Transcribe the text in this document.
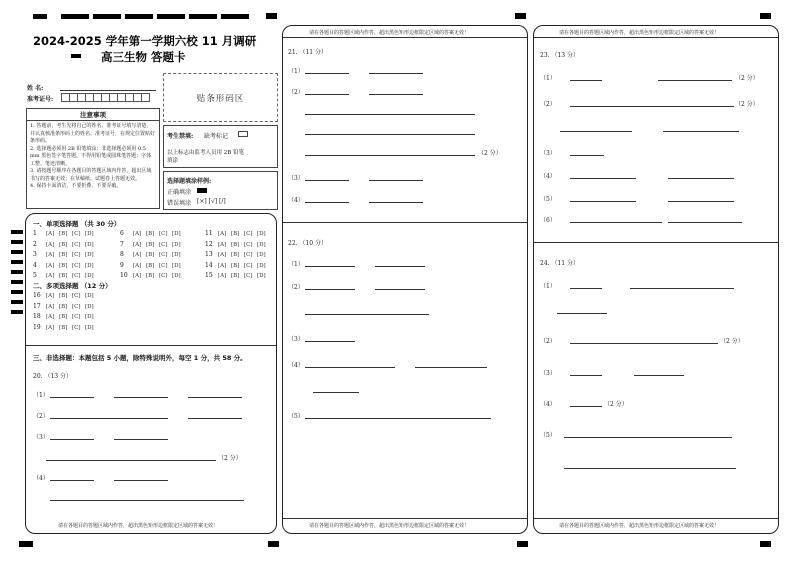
2024-2025 学年第一学期六校 11 月调研
高三生物 答题卡
姓 名:
准考证号:
注意事项
1. 答题前，考生先将自己的姓名、准考证号填写清楚，并认真核准条形码上的姓名、准考证号，在规定位置贴好条形码。
2. 选择题必须用 2B 铅笔填涂；非选择题必须用 0.5 mm 黑色签字笔答题，不得用铅笔或圆珠笔答题；字体工整、笔迹清晰。
3. 请按题号顺序在各题目的答题区域内作答，超出区域书写的答案无效；在草稿纸、试题卷上答题无效。
4. 保持卡面清洁，不要折叠、不要弄破。
贴条形码区
考生禁填: 缺考标记
以上标志由监考人员用 2B 铅笔填涂
选择题填涂样例:
正确填涂
错误填涂 [×] [√] [/]
一、单项选择题 （共 30 分）
1 [A] [B] [C] [D]
2 [A] [B] [C] [D]
3 [A] [B] [C] [D]
4 [A] [B] [C] [D]
5 [A] [B] [C] [D]
6 [A] [B] [C] [D]
7 [A] [B] [C] [D]
8 [A] [B] [C] [D]
9 [A] [B] [C] [D]
10 [A] [B] [C] [D]
11 [A] [B] [C] [D]
12 [A] [B] [C] [D]
13 [A] [B] [C] [D]
14 [A] [B] [C] [D]
15 [A] [B] [C] [D]
16 [A] [B] [C] [D]
17 [A] [B] [C] [D]
18 [A] [B] [C] [D]
19 [A] [B] [C] [D]
二、多项选择题 （12 分）
三、非选择题：本题包括 5 小题，除特殊说明外，每空 1 分，共 58 分。
20. （13 分）
（1）
（2）
（3）
（2 分）
（4）
请在各题目的答题区域内作答，超出黑色矩形边框限定区域的答案无效！
请在各题目的答题区域内作答，超出黑色矩形边框限定区域的答案无效！
21. （11 分）
（1）
（2）
（2 分）
（3）
（4）
22. （10 分）
（1）
（2）
（3）
（4）
（5）
请在各题目的答题区域内作答，超出黑色矩形边框限定区域的答案无效！
请在各题目的答题区域内作答，超出黑色矩形边框限定区域的答案无效！
23. （13 分）
（1）	（2 分）
（2）	（2 分）
（3）
（4）
（5）
（6）
24. （11 分）
（1）
（2）	（2 分）
（3）
（4）	（2 分）
（5）
请在各题目的答题区域内作答，超出黑色矩形边框限定区域的答案无效！
